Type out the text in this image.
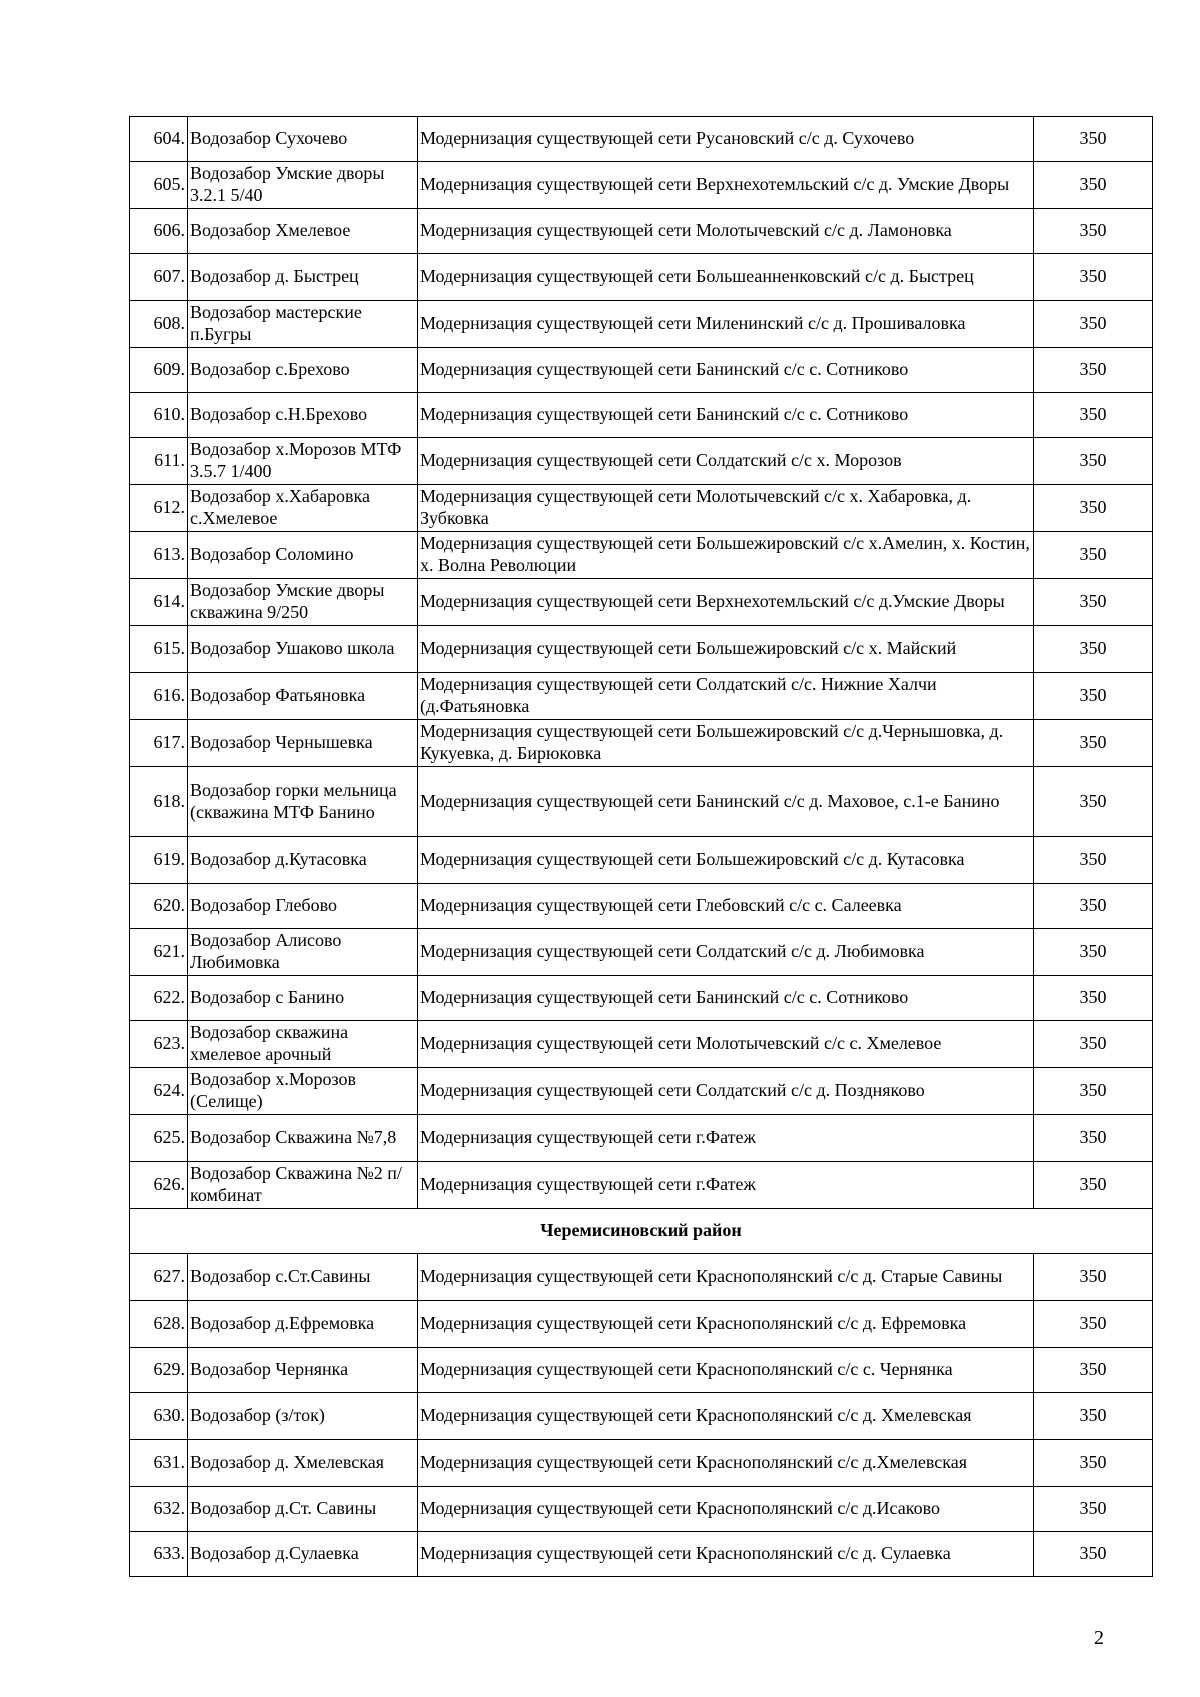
604.	Водозабор Сухочево	Модернизация существующей сети Русановский с/с д. Сухочево	350
605.	Водозабор Умские дворы 3.2.1 5/40	Модернизация существующей сети Верхнехотемльский с/с д. Умские Дворы	350
606.	Водозабор Хмелевое	Модернизация существующей сети Молотычевский с/с д. Ламоновка	350
607.	Водозабор д. Быстрец	Модернизация существующей сети Большеанненковский с/с д. Быстрец	350
608.	Водозабор мастерские п.Бугры	Модернизация существующей сети Миленинский с/с д. Прошиваловка	350
609.	Водозабор с.Брехово	Модернизация существующей сети Банинский с/с с. Сотниково	350
610.	Водозабор с.Н.Брехово	Модернизация существующей сети Банинский с/с с. Сотниково	350
611.	Водозабор х.Морозов МТФ 3.5.7 1/400	Модернизация существующей сети Солдатский с/с х. Морозов	350
612.	Водозабор х.Хабаровка с.Хмелевое	Модернизация существующей сети Молотычевский с/с х. Хабаровка, д. Зубковка	350
613.	Водозабор Соломино	Модернизация существующей сети Большежировский с/с х.Амелин, х. Костин, х. Волна Революции	350
614.	Водозабор Умские дворы скважина 9/250	Модернизация существующей сети Верхнехотемльский с/с д.Умские Дворы	350
615.	Водозабор Ушаково школа	Модернизация существующей сети Большежировский с/с х. Майский	350
616.	Водозабор Фатьяновка	Модернизация существующей сети Солдатский с/с. Нижние Халчи (д.Фатьяновка	350
617.	Водозабор Чернышевка	Модернизация существующей сети Большежировский с/с д.Чернышовка, д. Кукуевка, д. Бирюковка	350
618.	Водозабор горки мельница (скважина МТФ Банино	Модернизация существующей сети Банинский с/с д. Маховое, с.1-е Банино	350
619.	Водозабор д.Кутасовка	Модернизация существующей сети Большежировский с/с д. Кутасовка	350
620.	Водозабор Глебово	Модернизация существующей сети Глебовский с/с с. Салеевка	350
621.	Водозабор Алисово Любимовка	Модернизация существующей сети Солдатский с/с д. Любимовка	350
622.	Водозабор с Банино	Модернизация существующей сети Банинский с/с с. Сотниково	350
623.	Водозабор скважина хмелевое арочный	Модернизация существующей сети Молотычевский с/с с. Хмелевое	350
624.	Водозабор х.Морозов (Селище)	Модернизация существующей сети Солдатский с/с д. Поздняково	350
625.	Водозабор Скважина №7,8	Модернизация существующей сети г.Фатеж	350
626.	Водозабор Скважина №2 п/комбинат	Модернизация существующей сети г.Фатеж	350
Черемисиновский район			
627.	Водозабор с.Ст.Савины	Модернизация существующей сети Краснополянский с/с д. Старые Савины	350
628.	Водозабор д.Ефремовка	Модернизация существующей сети Краснополянский с/с д. Ефремовка	350
629.	Водозабор Чернянка	Модернизация существующей сети Краснополянский с/с с. Чернянка	350
630.	Водозабор (з/ток)	Модернизация существующей сети Краснополянский с/с д. Хмелевская	350
631.	Водозабор д. Хмелевская	Модернизация существующей сети Краснополянский с/с д.Хмелевская	350
632.	Водозабор д.Ст. Савины	Модернизация существующей сети Краснополянский с/с д.Исаково	350
633.	Водозабор д.Сулаевка	Модернизация существующей сети Краснополянский с/с д. Сулаевка	350
2
